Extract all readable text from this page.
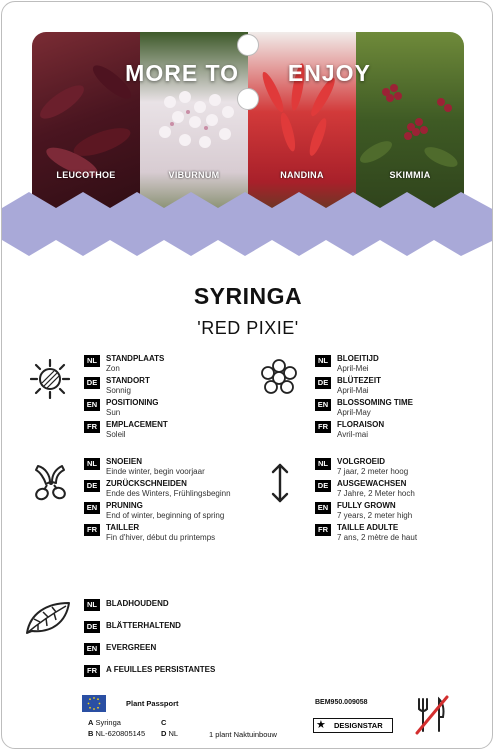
LEUCOTHOE	VIBURNUM	NANDINA	SKIMMIA
MORE TO ENJOY
SYRINGA
'RED PIXIE'
NL	STANDPLAATS
Zon
DE	STANDORT
Sonnig
EN	POSITIONING
Sun
FR	EMPLACEMENT
Soleil
NL	BLOEITIJD
April-Mei
DE	BLÜTEZEIT
April-Mai
EN	BLOSSOMING TIME
April-May
FR	FLORAISON
Avril-mai
NL	SNOEIEN
Einde winter, begin voorjaar
DE	ZURÜCKSCHNEIDEN
Ende des Winters, Frühlingsbeginn
EN	PRUNING
End of winter, beginning of spring
FR	TAILLER
Fin d'hiver, début du printemps
NL	VOLGROEID
7 jaar, 2 meter hoog
DE	AUSGEWACHSEN
7 Jahre, 2 Meter hoch
EN	FULLY GROWN
7 years, 2 meter high
FR	TAILLE ADULTE
7 ans, 2 mètre de haut
NL	BLADHOUDEND
DE	BLÄTTERHALTEND
EN	EVERGREEN
FR	A FEUILLES PERSISTANTES
Plant Passport
A Syringa
B NL-620805145
C
D NL	1 plant Naktuinbouw
BEM950.009058
★ DESIGNSTAR
